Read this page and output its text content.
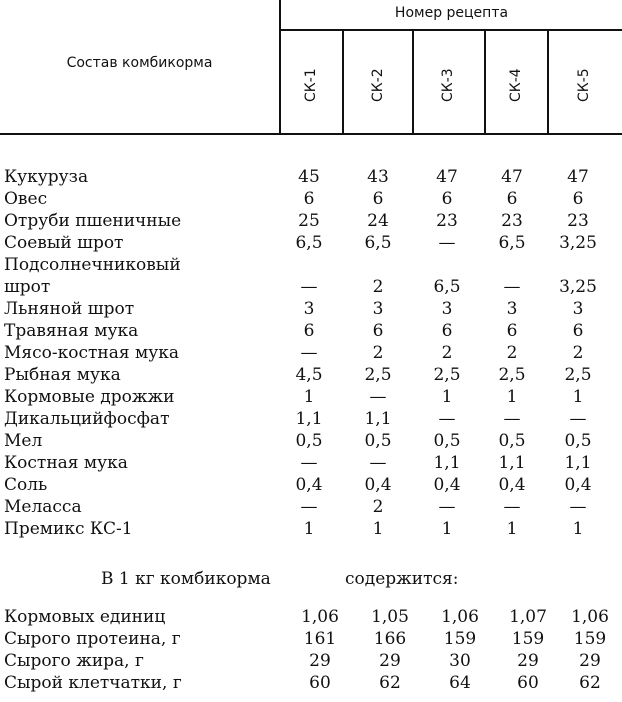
Состав комбикорма
Номер рецепта
СК-1	СК-2	СК-3	СК-4	СК-5
Кукуруза	45	43	47	47	47
Овес	6	6	6	6	6
Отруби пшеничные	25	24	23	23	23
Соевый шрот	6,5	6,5	—	6,5	3,25
Подсолнечниковый
шрот	—	2	6,5	—	3,25
Льняной шрот	3	3	3	3	3
Травяная мука	6	6	6	6	6
Мясо-костная мука	—	2	2	2	2
Рыбная мука	4,5	2,5	2,5	2,5	2,5
Кормовые дрожжи	1	—	1	1	1
Дикальцийфосфат	1,1	1,1	—	—	—
Мел	0,5	0,5	0,5	0,5	0,5
Костная мука	—	—	1,1	1,1	1,1
Соль	0,4	0,4	0,4	0,4	0,4
Меласса	—	2	—	—	—
Премикс КС-1	1	1	1	1	1
В 1 кг комбикорма	содержится:
Кормовых единиц	1,06 1,05 1,06 1,07 1,06
Сырого протеина, г	161	166	159	159	159
Сырого жира, г	29	29	30	29	29
Сырой клетчатки, г	60	62	64	60	62
